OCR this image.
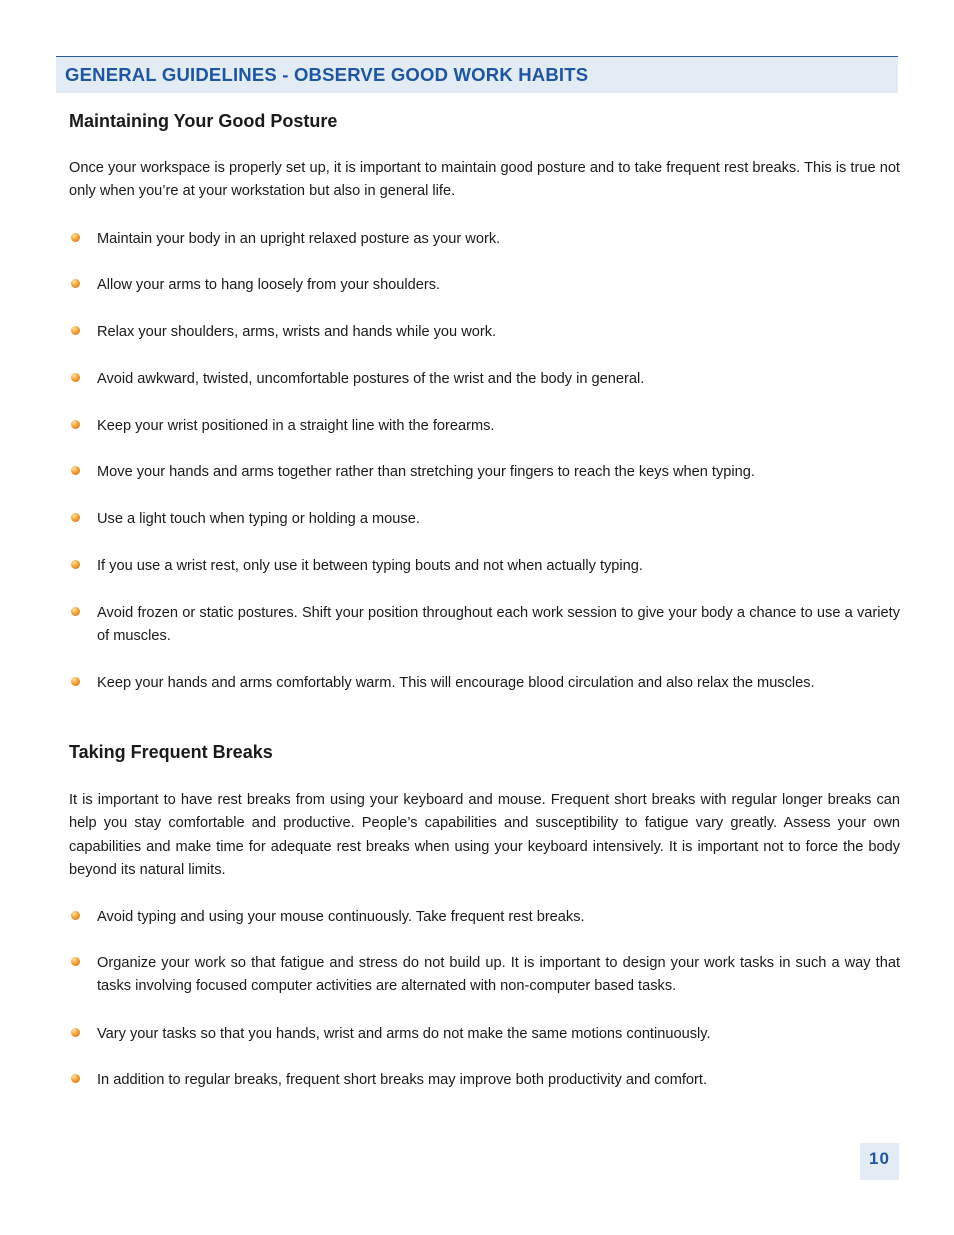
GENERAL GUIDELINES - OBSERVE GOOD WORK HABITS
Maintaining Your Good Posture

Once your workspace is properly set up, it is important to maintain good posture and to take frequent rest breaks. This is true not only when you’re at your workstation but also in general life.

Maintain your body in an upright relaxed posture as your work.
Allow your arms to hang loosely from your shoulders.
Relax your shoulders, arms, wrists and hands while you work.
Avoid awkward, twisted, uncomfortable postures of the wrist and the body in general.
Keep your wrist positioned in a straight line with the forearms.
Move your hands and arms together rather than stretching your fingers to reach the keys when typing.
Use a light touch when typing or holding a mouse.
If you use a wrist rest, only use it between typing bouts and not when actually typing.
Avoid frozen or static postures. Shift your position throughout each work session to give your body a chance to use a variety of muscles.
Keep your hands and arms comfortably warm. This will encourage blood circulation and also relax the muscles.
Taking Frequent Breaks

It is important to have rest breaks from using your keyboard and mouse. Frequent short breaks with regular longer breaks can help you stay comfortable and productive. People’s capabilities and susceptibility to fatigue vary greatly. Assess your own capabilities and make time for adequate rest breaks when using your keyboard intensively. It is important not to force the body beyond its natural limits.

Avoid typing and using your mouse continuously. Take frequent rest breaks.
Organize your work so that fatigue and stress do not build up. It is important to design your work tasks in such a way that tasks involving focused computer activities are alternated with non-computer based tasks.
Vary your tasks so that you hands, wrist and arms do not make the same motions continuously.
In addition to regular breaks, frequent short breaks may improve both productivity and comfort.
10
